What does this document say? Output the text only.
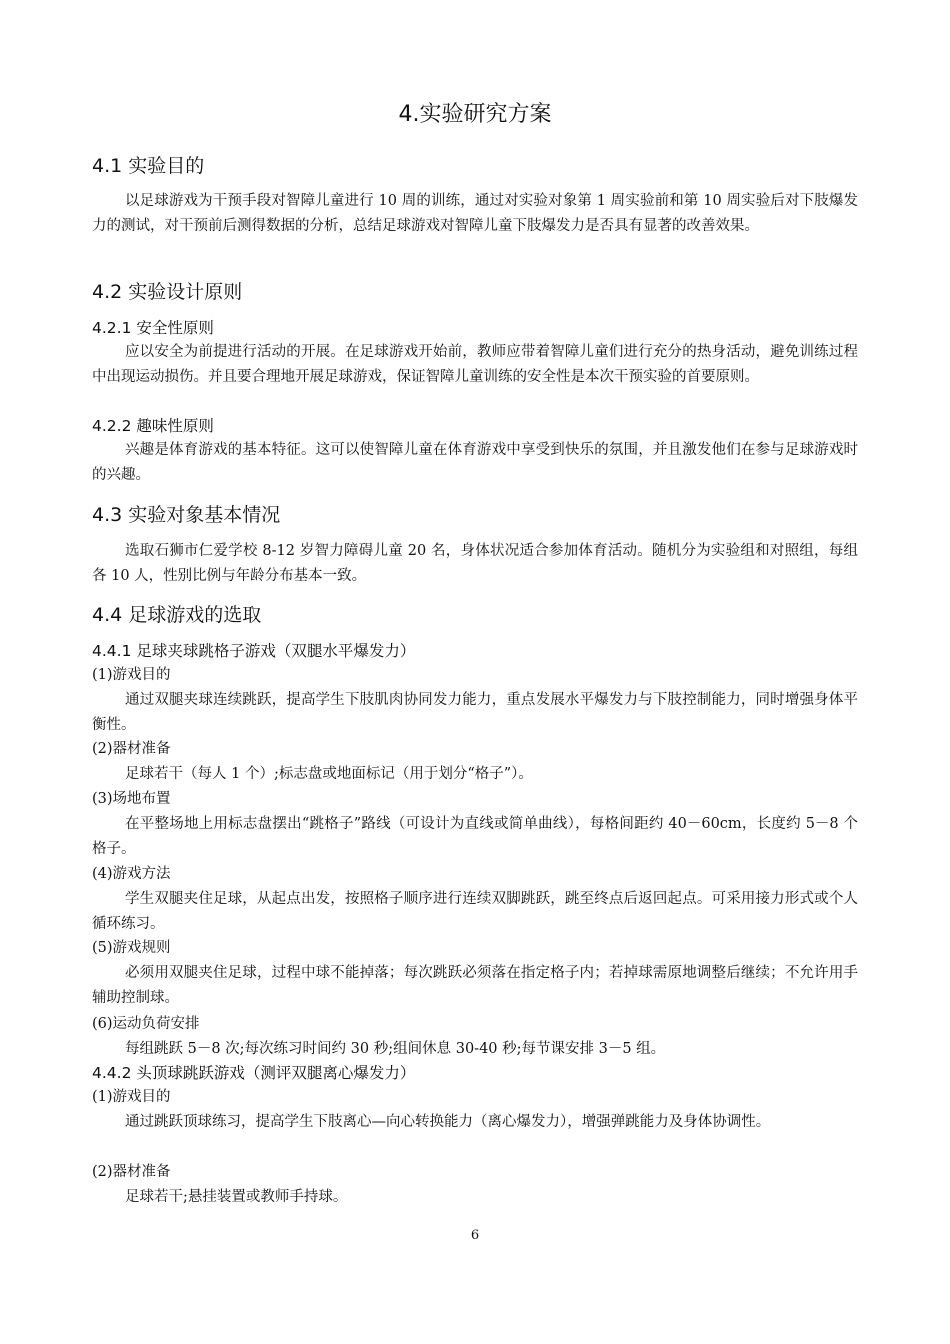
4.实验研究方案
4.1 实验目的

以足球游戏为干预手段对智障儿童进行 10 周的训练，通过对实验对象第 1 周实验前和第 10 周实验后对下肢爆发力的测试，对干预前后测得数据的分析，总结足球游戏对智障儿童下肢爆发力是否具有显著的改善效果。

4.2 实验设计原则
4.2.1 安全性原则

应以安全为前提进行活动的开展。在足球游戏开始前，教师应带着智障儿童们进行充分的热身活动，避免训练过程中出现运动损伤。并且要合理地开展足球游戏，保证智障儿童训练的安全性是本次干预实验的首要原则。

4.2.2 趣味性原则

兴趣是体育游戏的基本特征。这可以使智障儿童在体育游戏中享受到快乐的氛围，并且激发他们在参与足球游戏时的兴趣。

4.3 实验对象基本情况

选取石狮市仁爱学校 8-12 岁智力障碍儿童 20 名，身体状况适合参加体育活动。随机分为实验组和对照组，每组各 10 人，性别比例与年龄分布基本一致。

4.4 足球游戏的选取
4.4.1 足球夹球跳格子游戏（双腿水平爆发力）
(1)游戏目的

通过双腿夹球连续跳跃，提高学生下肢肌肉协同发力能力，重点发展水平爆发力与下肢控制能力，同时增强身体平衡性。

(2)器材准备

足球若干（每人 1 个）;标志盘或地面标记（用于划分“格子”）。

(3)场地布置

在平整场地上用标志盘摆出“跳格子”路线（可设计为直线或简单曲线），每格间距约 40－60cm，长度约 5－8 个格子。

(4)游戏方法

学生双腿夹住足球，从起点出发，按照格子顺序进行连续双脚跳跃，跳至终点后返回起点。可采用接力形式或个人循环练习。

(5)游戏规则

必须用双腿夹住足球，过程中球不能掉落；每次跳跃必须落在指定格子内；若掉球需原地调整后继续；不允许用手辅助控制球。

(6)运动负荷安排

每组跳跃 5－8 次;每次练习时间约 30 秒;组间休息 30-40 秒;每节课安排 3－5 组。

4.4.2 头顶球跳跃游戏（测评双腿离心爆发力）
(1)游戏目的

通过跳跃顶球练习，提高学生下肢离心—向心转换能力（离心爆发力），增强弹跳能力及身体协调性。

(2)器材准备

足球若干;悬挂装置或教师手持球。

6
